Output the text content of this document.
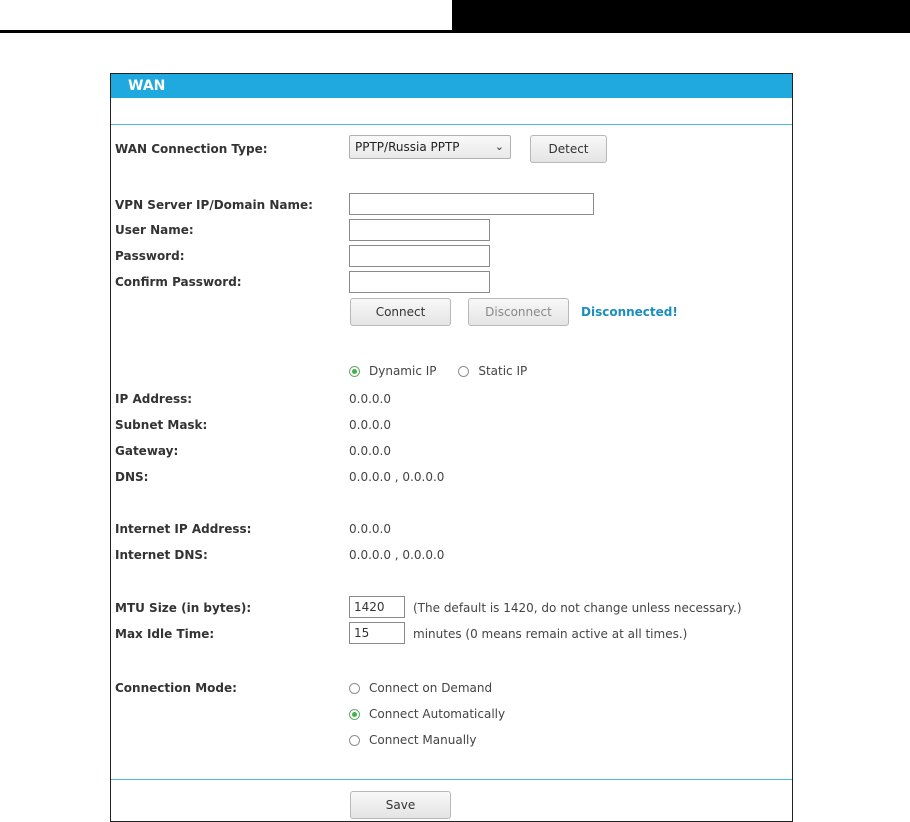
WAN
WAN Connection Type:	PPTP/Russia PPTP	⌄	Detect
VPN Server IP/Domain Name:
User Name:
Password:
Confirm Password:
Connect	Disconnect	Disconnected!
Dynamic IP	Static IP
IP Address:	0.0.0.0
Subnet Mask:	0.0.0.0
Gateway:	0.0.0.0
DNS:	0.0.0.0 , 0.0.0.0
Internet IP Address:	0.0.0.0
Internet DNS:	0.0.0.0 , 0.0.0.0
MTU Size (in bytes):
1420	(The default is 1420, do not change unless necessary.)
Max Idle Time:
15	minutes (0 means remain active at all times.)
Connection Mode:	Connect on Demand
Connect Automatically
Connect Manually
Save
